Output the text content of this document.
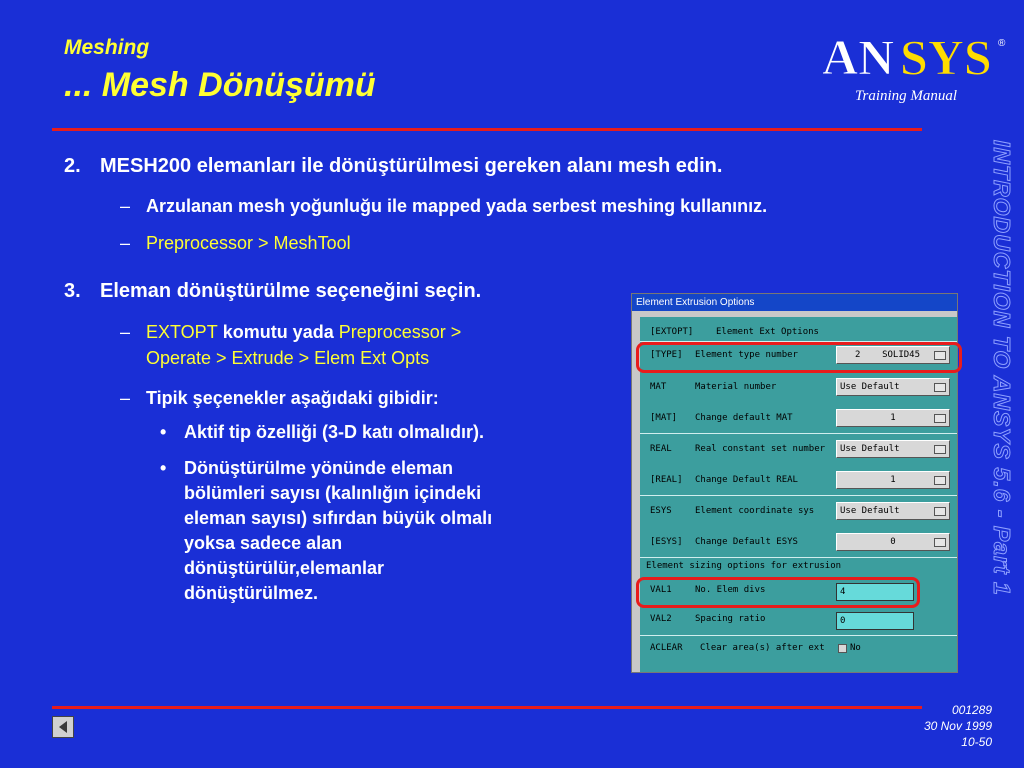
Meshing
... Mesh Dönüşümü	AN SYS ®
Training Manual
INTRODUCTION TO ANSYS 5.6 - Part 1
2. MESH200 elemanları ile dönüştürülmesi gereken alanı mesh edin.
– Arzulanan mesh yoğunluğu ile mapped yada serbest meshing kullanınız.
– Preprocessor > MeshTool
3. Eleman dönüştürülme seçeneğini seçin.
– EXTOPT komutu yada Preprocessor >
Operate > Extrude > Elem Ext Opts
– Tipik şeçenekler aşağıdaki gibidir:
• Aktif tip özelliği (3-D katı olmalıdır).
• Dönüştürülme yönünde eleman
bölümleri sayısı (kalınlığın içindeki
eleman sayısı) sıfırdan büyük olmalı
yoksa sadece alan
dönüştürülür,elemanlar
dönüştürülmez.
Element Extrusion Options
[EXTOPT]	Element Ext Options
[TYPE] Element type number	2    SOLID45
MAT	Material number	Use Default
[MAT] Change default MAT	1
REAL	Real constant set number	Use Default
[REAL] Change Default REAL	1
ESYS	Element coordinate sys	Use Default
[ESYS] Change Default ESYS	0
Element sizing options for extrusion
VAL1	No. Elem divs	4
VAL2	Spacing ratio	0
ACLEAR Clear area(s) after ext	No
001289
30 Nov 1999
10-50
